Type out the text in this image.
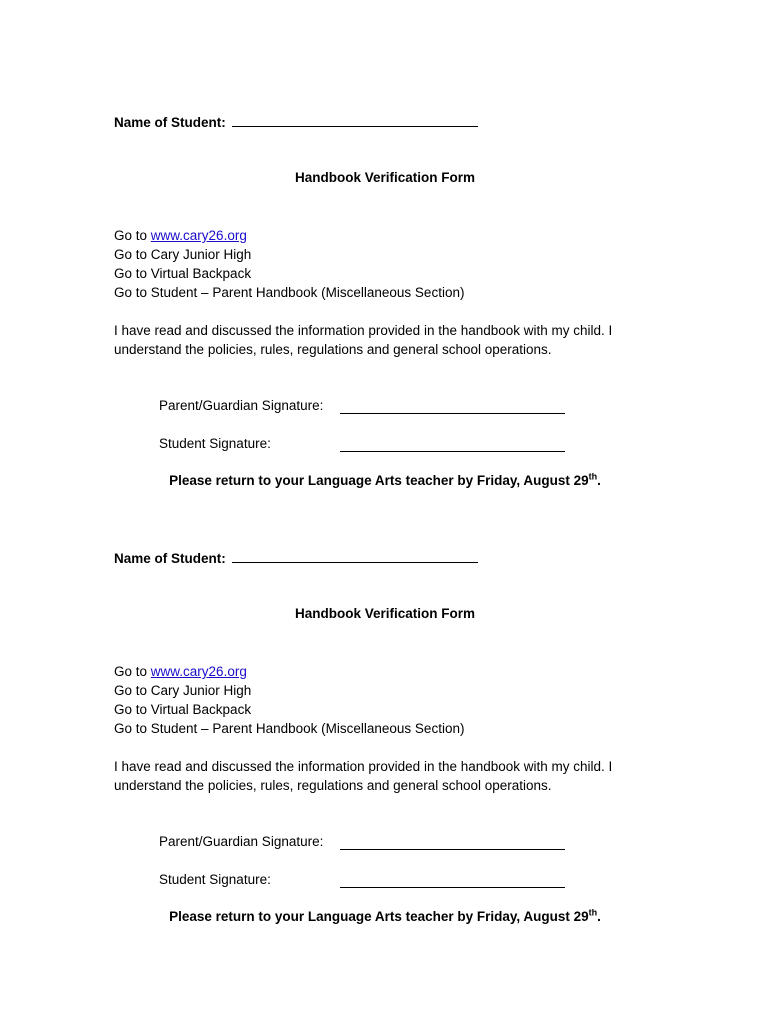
Name of Student:
Handbook Verification Form
Go to www.cary26.org
Go to Cary Junior High
Go to Virtual Backpack
Go to Student – Parent Handbook (Miscellaneous Section)
I have read and discussed the information provided in the handbook with my child. I understand the policies, rules, regulations and general school operations.
Parent/Guardian Signature:
Student Signature:
Please return to your Language Arts teacher by Friday, August 29th.
Name of Student:
Handbook Verification Form
Go to www.cary26.org
Go to Cary Junior High
Go to Virtual Backpack
Go to Student – Parent Handbook (Miscellaneous Section)
I have read and discussed the information provided in the handbook with my child. I understand the policies, rules, regulations and general school operations.
Parent/Guardian Signature:
Student Signature:
Please return to your Language Arts teacher by Friday, August 29th.
